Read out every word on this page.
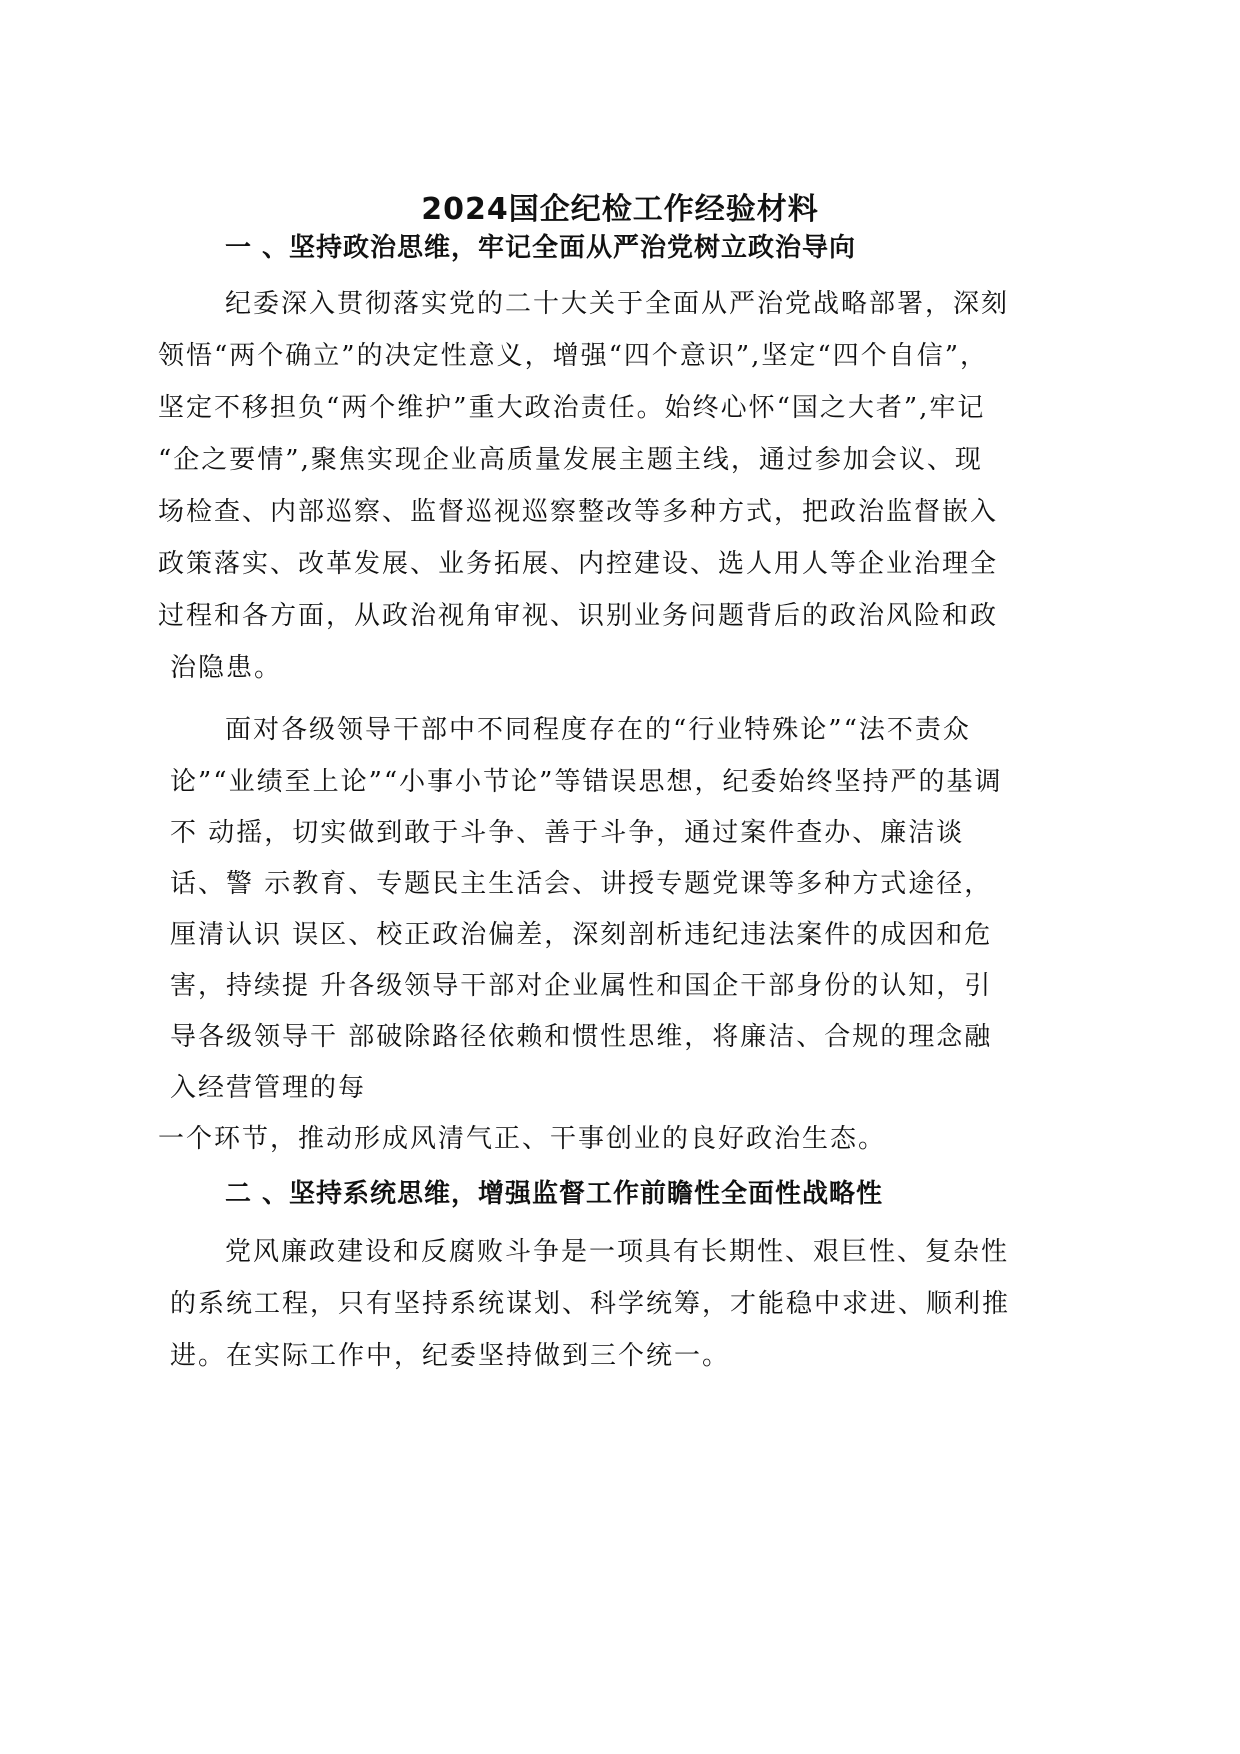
2024国企纪检工作经验材料
一 、坚持政治思维，牢记全面从严治党树立政治导向
纪委深入贯彻落实党的二十大关于全面从严治党战略部署，深刻
领悟“两个确立”的决定性意义，增强“四个意识”,坚定“四个自信”，
坚定不移担负“两个维护”重大政治责任。始终心怀“国之大者”,牢记
“企之要情”,聚焦实现企业高质量发展主题主线，通过参加会议、现
场检查、内部巡察、监督巡视巡察整改等多种方式，把政治监督嵌入
政策落实、改革发展、业务拓展、内控建设、选人用人等企业治理全
过程和各方面，从政治视角审视、识别业务问题背后的政治风险和政
治隐患。
面对各级领导干部中不同程度存在的“行业特殊论”“法不责众
论”“业绩至上论”“小事小节论”等错误思想，纪委始终坚持严的基调
不 动摇，切实做到敢于斗争、善于斗争，通过案件查办、廉洁谈
话、警 示教育、专题民主生活会、讲授专题党课等多种方式途径，
厘清认识 误区、校正政治偏差，深刻剖析违纪违法案件的成因和危
害，持续提 升各级领导干部对企业属性和国企干部身份的认知，引
导各级领导干 部破除路径依赖和惯性思维，将廉洁、合规的理念融
入经营管理的每
一个环节，推动形成风清气正、干事创业的良好政治生态。
二 、坚持系统思维，增强监督工作前瞻性全面性战略性
党风廉政建设和反腐败斗争是一项具有长期性、艰巨性、复杂性
的系统工程，只有坚持系统谋划、科学统筹，才能稳中求进、顺利推
进。在实际工作中，纪委坚持做到三个统一。
